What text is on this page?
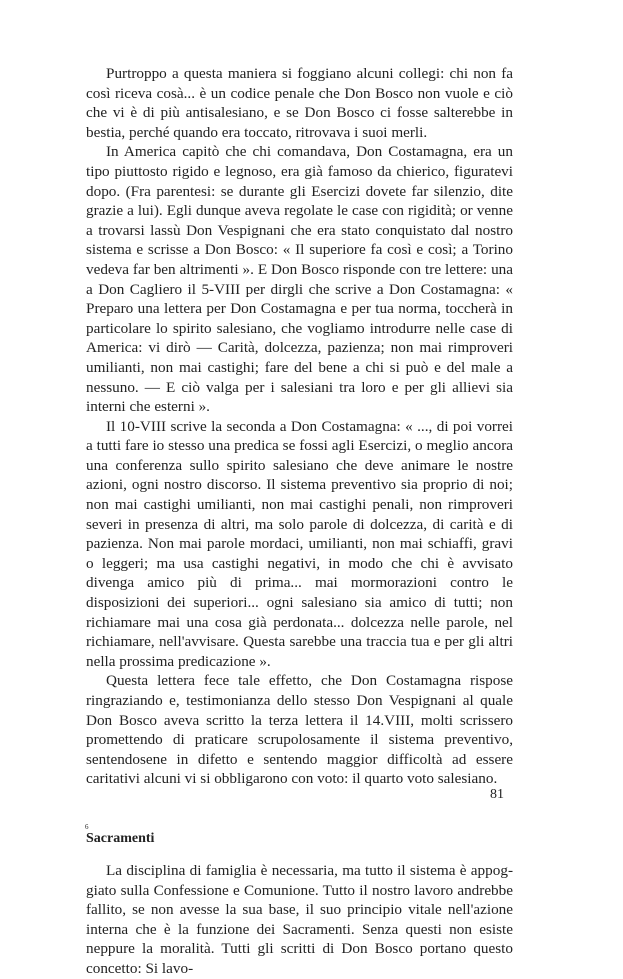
Purtroppo a questa maniera si foggiano alcuni collegi: chi non fa così riceva cosà... è un codice penale che Don Bosco non vuole e ciò che vi è di più antisalesiano, e se Don Bosco ci fosse salterebbe in bestia, perché quando era toccato, ritrovava i suoi merli.

In America capitò che chi comandava, Don Costamagna, era un tipo piuttosto rigido e legnoso, era già famoso da chierico, figuratevi dopo. (Fra parentesi: se durante gli Esercizi dovete far silenzio, dite grazie a lui). Egli dunque aveva regolate le case con rigidità; or venne a trovarsi lassù Don Vespignani che era stato conquistato dal nostro sistema e scrisse a Don Bosco: « Il superiore fa così e così; a Torino vedeva far ben altrimenti ». E Don Bosco risponde con tre lettere: una a Don Cagliero il 5-VIII per dirgli che scrive a Don Costamagna: « Preparo una lettera per Don Costamagna e per tua norma, toccherà in particolare lo spirito salesiano, che vogliamo introdurre nelle case di America: vi dirò — Carità, dolcezza, pazienza; non mai rimproveri umilianti, non mai castighi; fare del bene a chi si può e del male a nessuno. — E ciò valga per i salesiani tra loro e per gli allievi sia interni che esterni ».

Il 10-VIII scrive la seconda a Don Costamagna: « ..., di poi vorrei a tutti fare io stesso una predica se fossi agli Esercizi, o meglio ancora una conferenza sullo spirito salesiano che deve animare le nostre azioni, ogni nostro discorso. Il sistema preventivo sia proprio di noi; non mai castighi umilianti, non mai castighi penali, non rimproveri severi in presenza di altri, ma solo parole di dolcezza, di carità e di pazienza. Non mai parole mordaci, umilianti, non mai schiaffi, gravi o leggeri; ma usa castighi negativi, in modo che chi è avvisato divenga amico più di prima... mai mormorazioni contro le disposizioni dei superiori... ogni salesiano sia amico di tutti; non richiamare mai una cosa già perdonata... dolcezza nelle parole, nel richiamare, nell'avvisare. Questa sarebbe una traccia tua e per gli altri nella prossima predicazione ».

Questa lettera fece tale effetto, che Don Costamagna rispose ringraziando e, testimonianza dello stesso Don Vespignani al quale Don Bosco aveva scritto la terza lettera il 14.VIII, molti scrissero promettendo di praticare scrupolosamente il sistema preventivo, sentendosene in difetto e sentendo maggior difficoltà ad essere caritativi alcuni vi si obbligarono con voto: il quarto voto salesiano.

Sacramenti

La disciplina di famiglia è necessaria, ma tutto il sistema è appoggiato sulla Confessione e Comunione. Tutto il nostro lavoro andrebbe fallito, se non avesse la sua base, il suo principio vitale nell'azione interna che è la funzione dei Sacramenti. Senza questi non esiste neppure la moralità. Tutti gli scritti di Don Bosco portano questo concetto: Si lavo-

81
6
